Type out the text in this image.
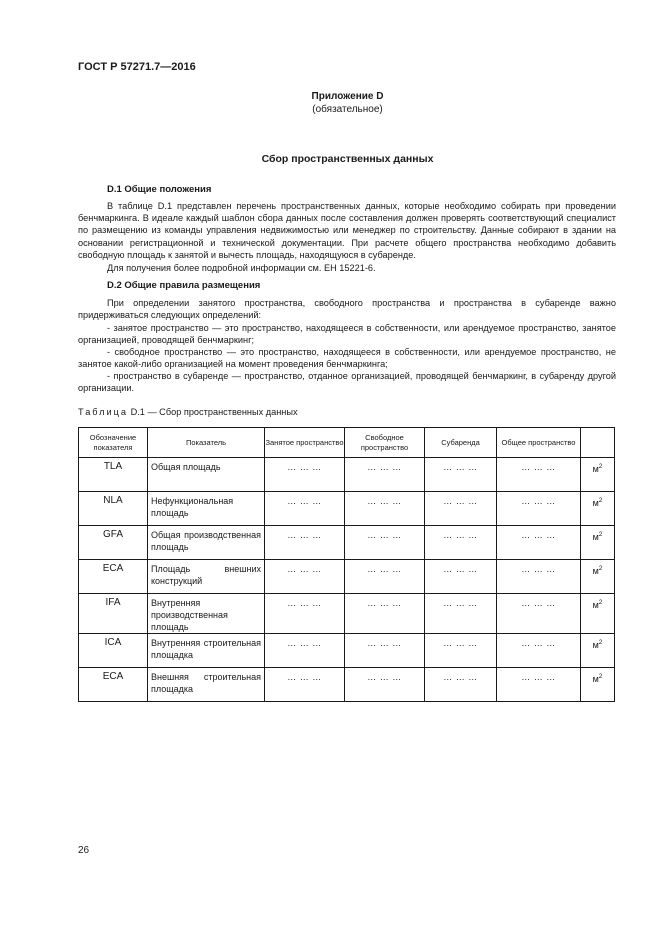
ГОСТ Р 57271.7—2016
Приложение D
(обязательное)
Сбор пространственных данных
D.1 Общие положения

В таблице D.1 представлен перечень пространственных данных, которые необходимо собирать при проведении бенчмаркинга. В идеале каждый шаблон сбора данных после составления должен проверять соответствующий специалист по размещению из команды управления недвижимостью или менеджер по строительству. Данные собирают в здании на основании регистрационной и технической документации. При расчете общего пространства необходимо добавить свободную площадь к занятой и вычесть площадь, находящуюся в субаренде.

Для получения более подробной информации см. ЕН 15221-6.

D.2 Общие правила размещения

При определении занятого пространства, свободного пространства и пространства в субаренде важно придерживаться следующих определений:

- занятое пространство — это пространство, находящееся в собственности, или арендуемое пространство, занятое организацией, проводящей бенчмаркинг;

- свободное пространство — это пространство, находящееся в собственности, или арендуемое пространство, не занятое какой-либо организацией на момент проведения бенчмаркинга;

- пространство в субаренде — пространство, отданное организацией, проводящей бенчмаркинг, в субаренду другой организации.

Таблица D.1 — Сбор пространственных данных
Обозначение показателя	Показатель	Занятое пространство	Свободное пространство	Субаренда	Общее пространство	
TLA	Общая площадь	… … …	… … …	… … …	… … …	$м^2$
NLA	Нефункциональная площадь	… … …	… … …	… … …	… … …	$м^2$
GFA	Общая производственная площадь	… … …	… … …	… … …	… … …	$м^2$
ECA	Площадь внешних конструкций	… … …	… … …	… … …	… … …	$м^2$
IFA	Внутренняя производственная площадь	… … …	… … …	… … …	… … …	$м^2$
ICA	Внутренняя строительная площадка	… … …	… … …	… … …	… … …	$м^2$
ECA	Внешняя строительная площадка	… … …	… … …	… … …	… … …	$м^2$
26
